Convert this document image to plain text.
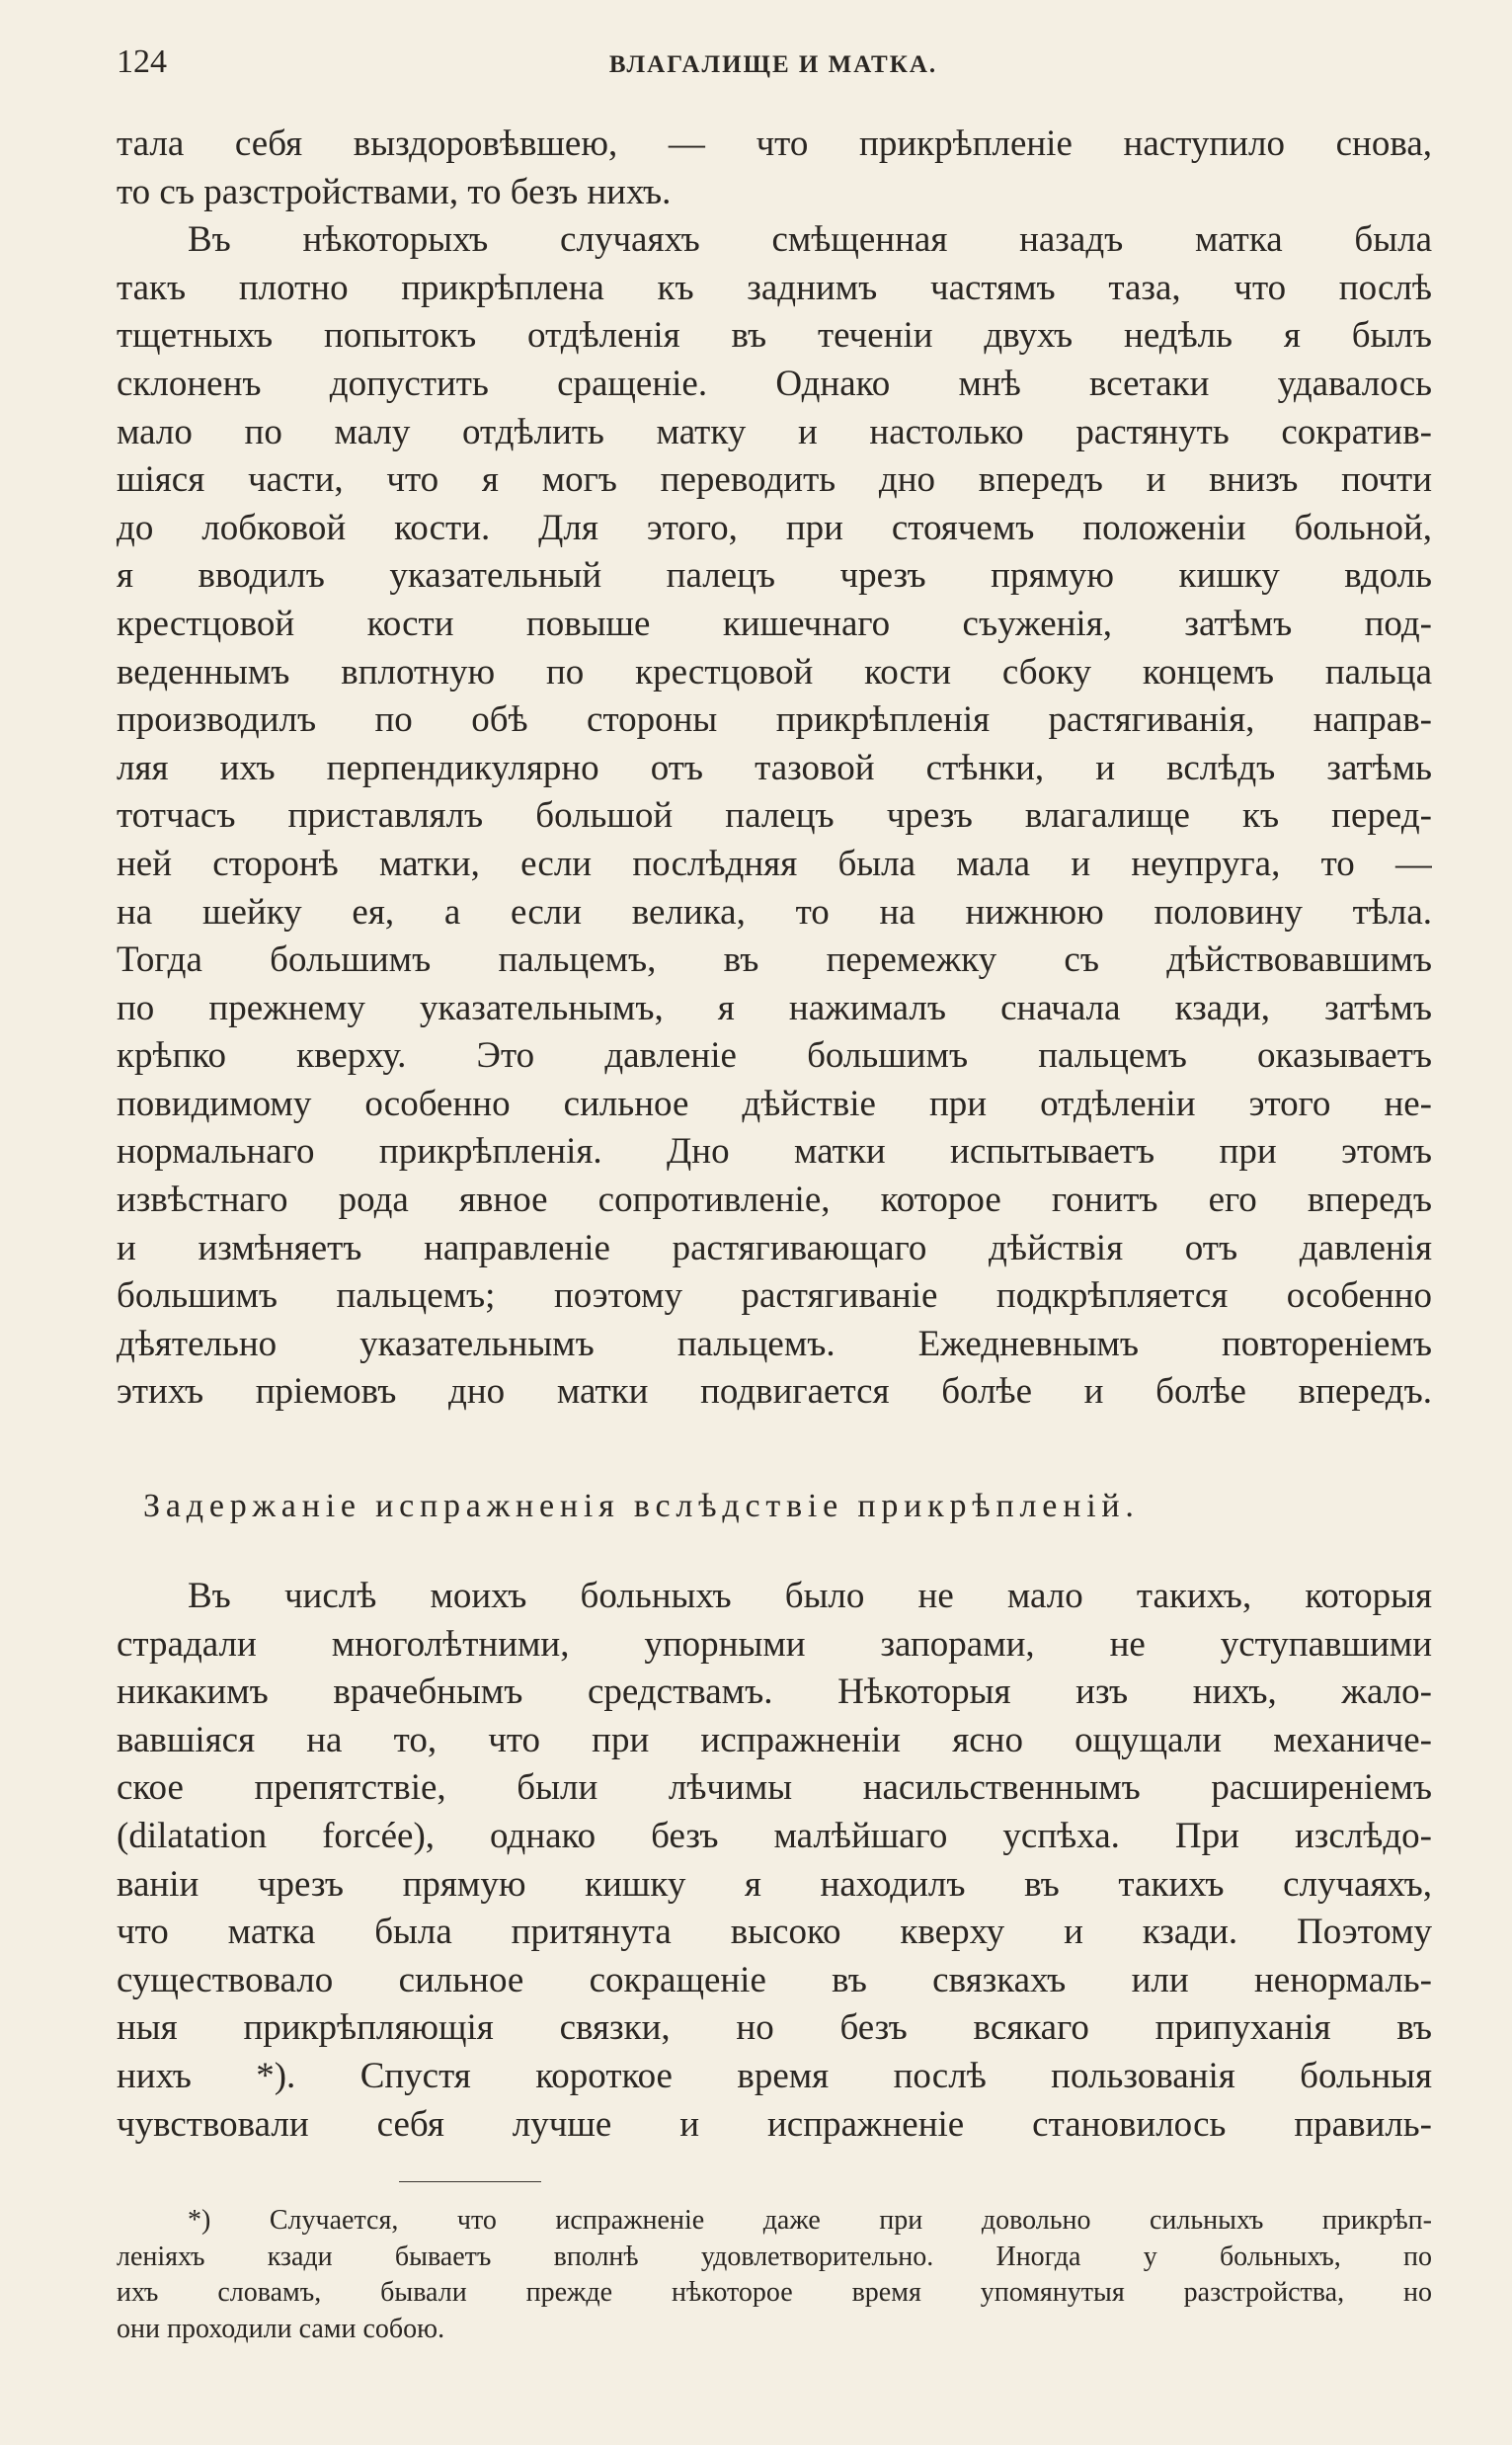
124	ВЛАГАЛИЩЕ И МАТКА.
тала себя выздоровѣвшею, — что прикрѣпленіе наступило снова,
то съ разстройствами, то безъ нихъ.
Въ нѣкоторыхъ случаяхъ смѣщенная назадъ матка была
такъ плотно прикрѣплена къ заднимъ частямъ таза, что послѣ
тщетныхъ попытокъ отдѣленія въ теченіи двухъ недѣль я былъ
склоненъ допустить сращеніе. Однако мнѣ всетаки удавалось
мало по малу отдѣлить матку и настолько растянуть сократив-
шіяся части, что я могъ переводить дно впередъ и внизъ почти
до лобковой кости. Для этого, при стоячемъ положеніи больной,
я вводилъ указательный палецъ чрезъ прямую кишку вдоль
крестцовой кости повыше кишечнаго съуженія, затѣмъ под-
веденнымъ вплотную по крестцовой кости сбоку концемъ пальца
производилъ по обѣ стороны прикрѣпленія растягиванія, направ-
ляя ихъ перпендикулярно отъ тазовой стѣнки, и вслѣдъ затѣмь
тотчасъ приставлялъ большой палецъ чрезъ влагалище къ перед-
ней сторонѣ матки, если послѣдняя была мала и неупруга, то —
на шейку ея, а если велика, то на нижнюю половину тѣла.
Тогда большимъ пальцемъ, въ перемежку съ дѣйствовавшимъ
по прежнему указательнымъ, я нажималъ сначала кзади, затѣмъ
крѣпко кверху. Это давленіе большимъ пальцемъ оказываетъ
повидимому особенно сильное дѣйствіе при отдѣленіи этого не-
нормальнаго прикрѣпленія. Дно матки испытываетъ при этомъ
извѣстнаго рода явное сопротивленіе, которое гонитъ его впередъ
и измѣняетъ направленіе растягивающаго дѣйствія отъ давленія
большимъ пальцемъ; поэтому растягиваніе подкрѣпляется особенно
дѣятельно указательнымъ пальцемъ. Ежедневнымъ повтореніемъ
этихъ пріемовъ дно матки подвигается болѣе и болѣе впередъ.
Задержаніе испражненія вслѣдствіе прикрѣпленій.
Въ числѣ моихъ больныхъ было не мало такихъ, которыя
страдали многолѣтними, упорными запорами, не уступавшими
никакимъ врачебнымъ средствамъ. Нѣкоторыя изъ нихъ, жало-
вавшіяся на то, что при испражненіи ясно ощущали механиче-
ское препятствіе, были лѣчимы насильственнымъ расширеніемъ
(dilatation forcée), однако безъ малѣйшаго успѣха. При изслѣдо-
ваніи чрезъ прямую кишку я находилъ въ такихъ случаяхъ,
что матка была притянута высоко кверху и кзади. Поэтому
существовало сильное сокращеніе въ связкахъ или ненормаль-
ныя прикрѣпляющія связки, но безъ всякаго припуханія въ
нихъ *). Спустя короткое время послѣ пользованія больныя
чувствовали себя лучше и испражненіе становилось правиль-
*) Случается, что испражненіе даже при довольно сильныхъ прикрѣп-
леніяхъ кзади бываетъ вполнѣ удовлетворительно. Иногда у больныхъ, по
ихъ словамъ, бывали прежде нѣкоторое время упомянутыя разстройства, но
они проходили сами собою.
